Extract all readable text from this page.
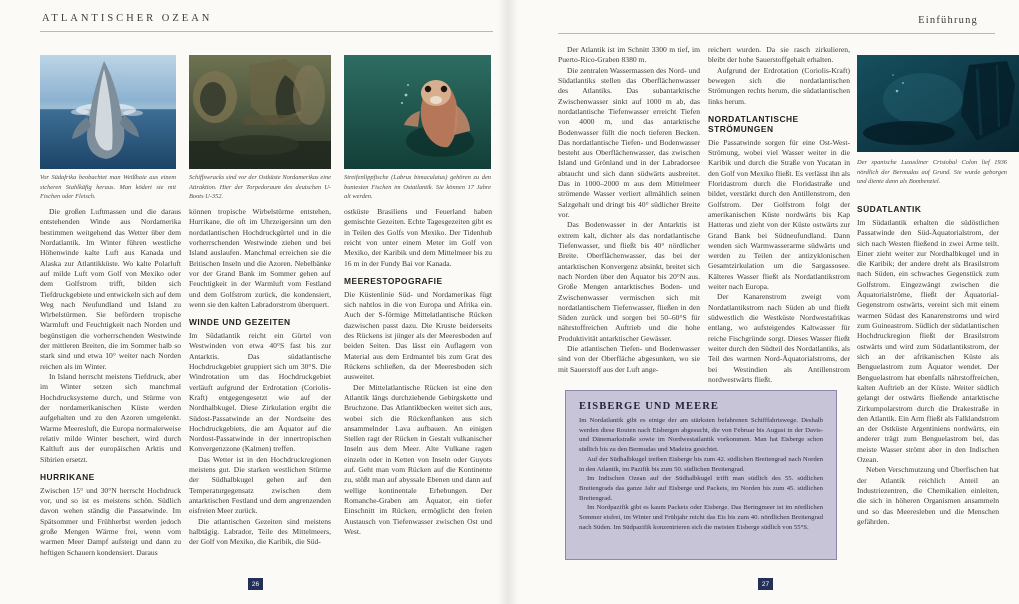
ATLANTISCHER OZEAN
Vor Südafrika beobachtet man Weißhaie aus einem sicheren Stahlkäfig heraus. Man ködert sie mit Fischen oder Fleisch.
Schiffswracks sind vor der Ostküste Nordamerikas eine Attraktion. Hier der Torpedoraum des deutschen U-Boots U-352.
Streifenlippfische (Labrus bimaculatus) gehören zu den buntesten Fischen im Ostatlantik. Sie können 17 Jahre alt werden.

Die großen Luftmassen und die daraus entstehenden Winde aus Nordamerika bestimmen weitgehend das Wetter über dem Nordatlantik. Im Winter führen westliche Höhenwinde kalte Luft aus Kanada und Alaska zur Atlantikküste. Wo kalte Polarluft auf milde Luft vom Golf von Mexiko oder dem Golfstrom trifft, bilden sich Tiefdruckgebiete und entwickeln sich auf dem Weg nach Neufundland und Island zu Wirbelstürmen. Sie befördern tropische Warmluft und Feuchtigkeit nach Norden und begünstigen die vorherrschenden Westwinde der mittleren Breiten, die im Sommer halb so stark sind und etwa 10° weiter nach Norden reichen als im Winter.

In Island herrscht meistens Tiefdruck, aber im Winter setzen sich manchmal Hochdrucksysteme durch, und Stürme von der nordamerikanischen Küste werden aufgehalten und zu den Azoren umgelenkt. Warme Meeresluft, die Europa normalerweise relativ milde Winter beschert, wird durch Kaltluft aus der europäischen Arktis und Sibirien ersetzt.

HURRIKANE

Zwischen 15° und 30°N herrscht Hochdruck vor, und so ist es meistens schön. Südlich davon wehen ständig die Passatwinde. Im Spätsommer und Frühherbst werden jedoch große Mengen Wärme frei, wenn vom warmen Meer Dampf aufsteigt und dann zu heftigen Schauern kondensiert. Daraus

können tropische Wirbelstürme entstehen, Hurrikane, die oft im Uhrzeigersinn um den nordatlantischen Hochdruckgürtel und in die vorherrschenden Westwinde ziehen und bei Island auslaufen. Manchmal erreichen sie die Britischen Inseln und die Azoren. Nebelbänke vor der Grand Bank im Sommer gehen auf Feuchtigkeit in der Warmluft vom Festland und dem Golfstrom zurück, die kondensiert, wenn sie den kalten Labradorstrom überquert.

WINDE UND GEZEITEN

Im Südatlantik reicht ein Gürtel von Westwinden von etwa 40°S fast bis zur Antarktis. Das südatlantische Hochdruckgebiet gruppiert sich um 30°S. Die Windrotation um das Hochdruckgebiet verläuft aufgrund der Erdrotation (Coriolis-Kraft) entgegengesetzt wie auf der Nordhalbkugel. Diese Zirkulation ergibt die Südost-Passatwinde an der Nordseite des Hochdruckgebiets, die am Äquator auf die Nordost-Passatwinde in der innertropischen Konvergenzzone (Kalmen) treffen.

Das Wetter ist in den Hochdruckregionen meistens gut. Die starken westlichen Stürme der Südhalbkugel gehen auf den Temperaturgegensatz zwischen dem antarktischen Festland und dem angrenzenden eisfreien Meer zurück.

Die atlantischen Gezeiten sind meistens halbtägig. Labrador, Teile des Mittelmeers, der Golf von Mexiko, die Karibik, die Süd-

ostküste Brasiliens und Feuerland haben gemischte Gezeiten. Echte Tagesgezeiten gibt es in Teilen des Golfs von Mexiko. Der Tidenhub reicht von unter einem Meter im Golf von Mexiko, der Karibik und dem Mittelmeer bis zu 16 m in der Fundy Bai vor Kanada.

MEERESTOPOGRAFIE

Die Küstenlinie Süd- und Nordamerikas fügt sich nahtlos in die von Europa und Afrika ein. Auch der S-förmige Mittelatlantische Rücken dazwischen passt dazu. Die Kruste beiderseits des Rückens ist jünger als der Meeresboden auf beiden Seiten. Das lässt ein Auflagern von Material aus dem Erdmantel bis zum Grat des Rückens schließen, da der Meeresboden sich ausweitet.

Der Mittelatlantische Rücken ist eine den Atlantik längs durchziehende Gebirgskette und Bruchzone. Das Atlantikbecken weitet sich aus, wobei sich die Rückenflanken aus sich ansammelnder Lava aufbauen. An einigen Stellen ragt der Rücken in Gestalt vulkanischer Inseln aus dem Meer. Alte Vulkane ragen einzeln oder in Ketten von Inseln oder Guyots auf. Geht man vom Rücken auf die Kontinente zu, stößt man auf abyssale Ebenen und dann auf wellige kontinentale Erhebungen. Der Romanche-Graben am Äquator, ein tiefer Einschnitt im Rücken, ermöglicht den freien Austausch von Tiefenwasser zwischen Ost und West.

26
Einführung

Der Atlantik ist im Schnitt 3300 m tief, im Puerto-Rico-Graben 8380 m.

Die zentralen Wassermassen des Nord- und Südatlantiks stellen das Oberflächenwasser des Atlantiks. Das subantarktische Zwischenwasser sinkt auf 1000 m ab, das nordatlantische Tiefenwasser erreicht Tiefen von 4000 m, und das antarktische Bodenwasser füllt die noch tieferen Becken. Das nordatlantische Tiefen- und Bodenwasser besteht aus Oberflächenwasser, das zwischen Island und Grönland und in der Labradorsee abtaucht und sich dann südwärts ausbreitet. Das in 1000–2000 m aus dem Mittelmeer strömende Wasser verliert allmählich seinen Salzgehalt und dringt bis 40° südlicher Breite vor.

Das Bodenwasser in der Antarktis ist extrem kalt, dichter als das nordatlantische Tiefenwasser, und fließt bis 40° nördlicher Breite. Oberflächenwasser, das bei der antarktischen Konvergenz absinkt, breitet sich nach Norden über den Äquator bis 20°N aus. Große Mengen antarktisches Boden- und Zwischenwasser vermischen sich mit nordatlantischem Tiefenwasser, fließen in den Süden zurück und sorgen bei 50–60°S für nährstoffreichen Auftrieb und die hohe Produktivität antarktischer Gewässer.

Die atlantischen Tiefen- und Bodenwasser sind von der Oberfläche abgesunken, wo sie mit Sauerstoff aus der Luft ange-

reichert wurden. Da sie rasch zirkulieren, bleibt der hohe Sauerstoffgehalt erhalten.

Aufgrund der Erdrotation (Coriolis-Kraft) bewegen sich die nordatlantischen Strömungen rechts herum, die südatlantischen links herum.

NORDATLANTISCHE STRÖMUNGEN

Die Passatwinde sorgen für eine Ost-West-Strömung, wobei viel Wasser weiter in die Karibik und durch die Straße von Yucatan in den Golf von Mexiko fließt. Es verlässt ihn als Floridastrom durch die Floridastraße und bildet, verstärkt durch den Antillenstrom, den Golfstrom. Der Golfstrom folgt der amerikanischen Küste nordwärts bis Kap Hatteras und zieht von der Küste ostwärts zur Grand Bank bei Südneufundland. Dann wenden sich Warmwasserarme südwärts und werden zu Teilen der antizyklonischen Gesamtzirkulation um die Sargassosee. Kälteres Wasser fließt als Nordatlantikstrom weiter nach Europa.

Der Kanarenstrom zweigt vom Nordatlantikstrom nach Süden ab und fließt südwestlich die Westküste Nordwestafrikas entlang, wo aufsteigendes Kaltwasser für reiche Fischgründe sorgt. Dieses Wasser fließt weiter durch den Südteil des Nordatlantiks, als Teil des warmen Nord-Äquatorialstroms, der bei Westindien als Antillenstrom nordwestwärts fließt.

Der spanische Luxusliner Cristobal Colon lief 1936 nördlich der Bermudas auf Grund. Sie wurde geborgen und diente dann als Bombenziel.
SÜDATLANTIK

Im Südatlantik erhalten die südöstlichen Passatwinde den Süd-Äquatorialstrom, der sich nach Westen fließend in zwei Arme teilt. Einer zieht weiter zur Nordhalbkugel und in die Karibik; der andere dreht als Brasilstrom nach Süden, ein schwaches Gegenstück zum Golfstrom. Eingezwängt zwischen die Äquatorialströme, fließt der Äquatorial-Gegenstrom ostwärts, vereint sich mit einem warmen Südast des Kanarenstroms und wird zum Guineastrom. Südlich der südatlantischen Hochdruckregion fließt der Brasilstrom ostwärts und wird zum Südatlantikstrom, der sich an der afrikanischen Küste als Benguelastrom zum Äquator wendet. Der Benguelastrom hat ebenfalls nährstoffreichen, kalten Auftrieb an der Küste. Weiter südlich gelangt der ostwärts fließende antarktische Zirkumpolarstrom durch die Drakestraße in den Atlantik. Ein Arm fließt als Falklandstrom an der Ostküste Argentiniens nordwärts, ein anderer trägt zum Benguelastrom bei, das meiste Wasser strömt aber in den Indischen Ozean.

Neben Verschmutzung und Überfischen hat der Atlantik reichlich Anteil an Industriezentren, die Chemikalien einleiten, die sich in höheren Organismen ansammeln und so das Meeresleben und die Menschen gefährden.

EISBERGE UND MEERE

Im Nordatlantik gibt es einige der am stärksten befahrenen Schifffahrtswege. Deshalb werden diese Routen nach Eisbergen abgesucht, die von Februar bis August in der Davis- und Dänemarkstraße sowie im Nordwestatlantik vorkommen. Man hat Eisberge schon südlich bis zu den Bermudas und Madeira gesichtet.

Auf der Südhalbkugel treiben Eisberge bis zum 42. südlichen Breitengrad nach Norden in den Atlantik, im Pazifik bis zum 50. südlichen Breitengrad.

Im Indischen Ozean auf der Südhalbkugel trifft man südlich des 55. südlichen Breitengrads das ganze Jahr auf Eisberge und Packeis, im Norden bis zum 45. südlichen Breitengrad.

Im Nordpazifik gibt es kaum Packeis oder Eisberge. Das Beringmeer ist im nördlichen Sommer eisfrei, im Winter und Frühjahr reicht das Eis bis zum 40. nördlichen Breitengrad nach Süden. Im Südpazifik konzentrieren sich die meisten Eisberge südlich von 55°S.

27
